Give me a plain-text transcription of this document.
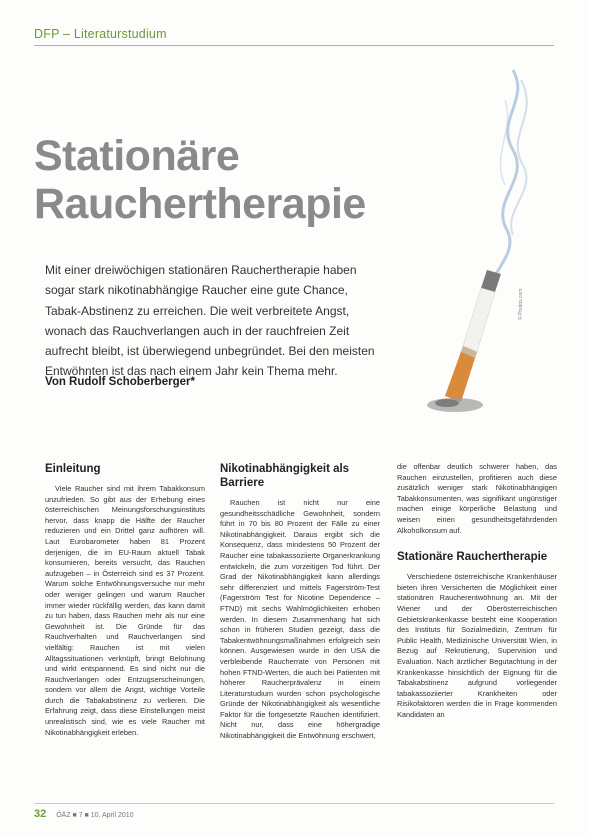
DFP – Literaturstudium
Stationäre
Rauchertherapie
© Photos.com
Mit einer dreiwöchigen stationären Rauchertherapie haben sogar stark nikotinabhängige Raucher eine gute Chance, Tabak-Abstinenz zu erreichen. Die weit verbreitete Angst, wonach das Rauchverlangen auch in der rauchfreien Zeit aufrecht bleibt, ist überwiegend unbegründet. Bei den meisten Entwöhnten ist das nach einem Jahr kein Thema mehr.
Von Rudolf Schoberberger*
Einleitung

Viele Raucher sind mit ihrem Tabakkonsum unzufrieden. So gibt aus der Erhebung eines österreichischen Meinungsforschungsinstituts hervor, dass knapp die Hälfte der Raucher reduzieren und ein Drittel ganz aufhören will. Laut Eurobarometer haben 81 Prozent derjenigen, die im EU-Raum aktuell Tabak konsumieren, bereits versucht, das Rauchen aufzugeben – in Österreich sind es 37 Prozent. Warum solche Entwöhnungsversuche nur mehr oder weniger gelingen und warum Raucher immer wieder rückfällig werden, das kann damit zu tun haben, dass Rauchen mehr als nur eine Gewohnheit ist. Die Gründe für das Rauchverhalten und Rauchverlangen sind vielfältig: Rauchen ist mit vielen Alltagssituationen verknüpft, bringt Belohnung und wirkt entspannend. Es sind nicht nur die Rauchverlangen oder Entzugserscheinungen, sondern vor allem die Angst, wichtige Vorteile durch die Tabakabstinenz zu verlieren. Die Erfahrung zeigt, dass diese Einstellungen meist unrealistisch sind, wie es viele Raucher mit Nikotinabhängigkeit erleben.

Nikotinabhängigkeit als Barriere

Rauchen ist nicht nur eine gesundheitsschädliche Gewohnheit, sondern führt in 70 bis 80 Prozent der Fälle zu einer Nikotinabhängigkeit. Daraus ergibt sich die Konsequenz, dass mindestens 50 Prozent der Raucher eine tabakassoziierte Organerkrankung entwickeln, die zum vorzeitigen Tod führt. Der Grad der Nikotinabhängigkeit kann allerdings sehr differenziert und mittels Fagerström-Test (Fagerström Test for Nicotine Dependence – FTND) mit sechs Wahlmöglichkeiten erhoben werden. In diesem Zusammenhang hat sich schon in früheren Studien gezeigt, dass die Tabakentwöhnungsmaßnahmen erfolgreich sein können. Ausgewiesen wurde in den USA die verbleibende Raucherrate von Personen mit hohen FTND-Werten, die auch bei Patienten mit höherer Raucherprävalenz in einem Literaturstudium wurden schon psychologische Gründe der Nikotinabhängigkeit als wesentliche Faktor für die fortgesetzte Rauchen identifiziert. Nicht nur, dass eine höhergradige Nikotinabhängigkeit die Entwöhnung erschwert,

die offenbar deutlich schwerer haben, das Rauchen einzustellen, profitieren auch diese zusätzlich weniger stark Nikotinabhängigen Tabakkonsumenten, was signifikant ungünstiger machen einige körperliche Belastung und weisen einen gesundheitsgefährdenden Alkoholkonsum auf.

Stationäre Rauchertherapie

Verschiedene österreichische Krankenhäuser bieten ihren Versicherten die Möglichkeit einer stationären Raucherentwöhnung an. Mit der Wiener und der Oberösterreichischen Gebietskrankenkasse besteht eine Kooperation des Instituts für Sozialmedizin, Zentrum für Public Health, Medizinische Universität Wien, in Bezug auf Rekrutierung, Supervision und Evaluation. Nach ärztlicher Begutachtung in der Krankenkasse hinsichtlich der Eignung für die Tabakabstinenz aufgrund vorliegender tabakassoziierter Krankheiten oder Risikofaktoren werden die in Frage kommenden Kandidaten an

32 ÖÄZ ■ 7 ■ 10. April 2010
